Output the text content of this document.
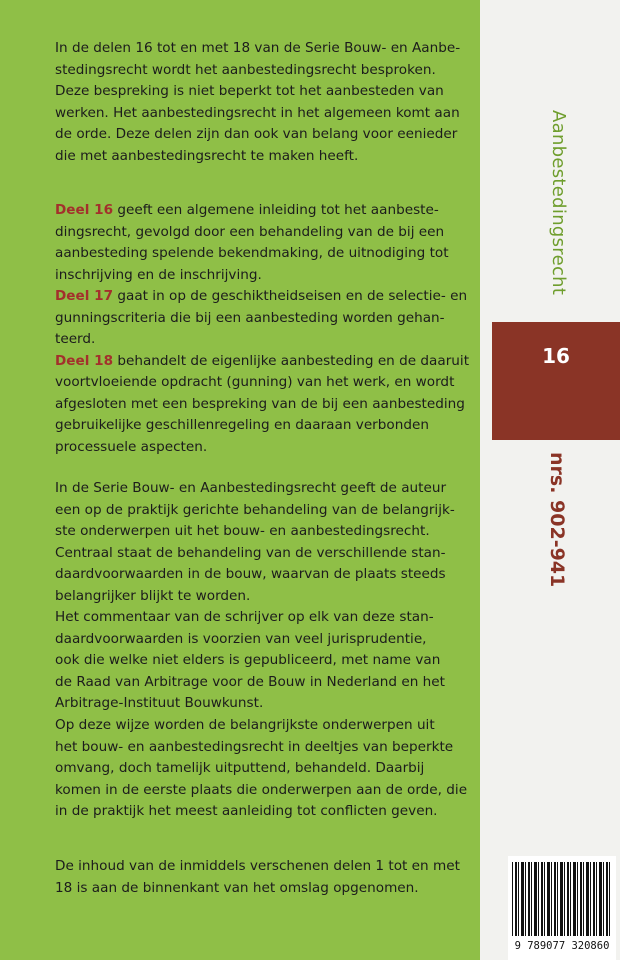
In de delen 16 tot en met 18 van de Serie Bouw- en Aanbe-

stedingsrecht wordt het aanbestedingsrecht besproken.

Deze bespreking is niet beperkt tot het aanbesteden van

werken. Het aanbestedingsrecht in het algemeen komt aan

de orde. Deze delen zijn dan ook van belang voor eenieder

die met aanbestedingsrecht te maken heeft.

Deel 16 geeft een algemene inleiding tot het aanbeste-

dingsrecht, gevolgd door een behandeling van de bij een

aanbesteding spelende bekendmaking, de uitnodiging tot

inschrijving en de inschrijving.

Deel 17 gaat in op de geschiktheidseisen en de selectie- en

gunningscriteria die bij een aanbesteding worden gehan-

teerd.

Deel 18 behandelt de eigenlijke aanbesteding en de daaruit

voortvloeiende opdracht (gunning) van het werk, en wordt

afgesloten met een bespreking van de bij een aanbesteding

gebruikelijke geschillenregeling en daaraan verbonden

processuele aspecten.

In de Serie Bouw- en Aanbestedingsrecht geeft de auteur

een op de praktijk gerichte behandeling van de belangrijk-

ste onderwerpen uit het bouw- en aanbestedingsrecht.

Centraal staat de behandeling van de verschillende stan-

daardvoorwaarden in de bouw, waarvan de plaats steeds

belangrijker blijkt te worden.

Het commentaar van de schrijver op elk van deze stan-

daardvoorwaarden is voorzien van veel jurisprudentie,

ook die welke niet elders is gepubliceerd, met name van

de Raad van Arbitrage voor de Bouw in Nederland en het

Arbitrage-Instituut Bouwkunst.

Op deze wijze worden de belangrijkste onderwerpen uit

het bouw- en aanbestedingsrecht in deeltjes van beperkte

omvang, doch tamelijk uitputtend, behandeld. Daarbij

komen in de eerste plaats die onderwerpen aan de orde, die

in de praktijk het meest aanleiding tot conflicten geven.

De inhoud van de inmiddels verschenen delen 1 tot en met

18 is aan de binnenkant van het omslag opgenomen.

Aanbestedingsrecht
16
nrs. 902-941
9 789077 320860
